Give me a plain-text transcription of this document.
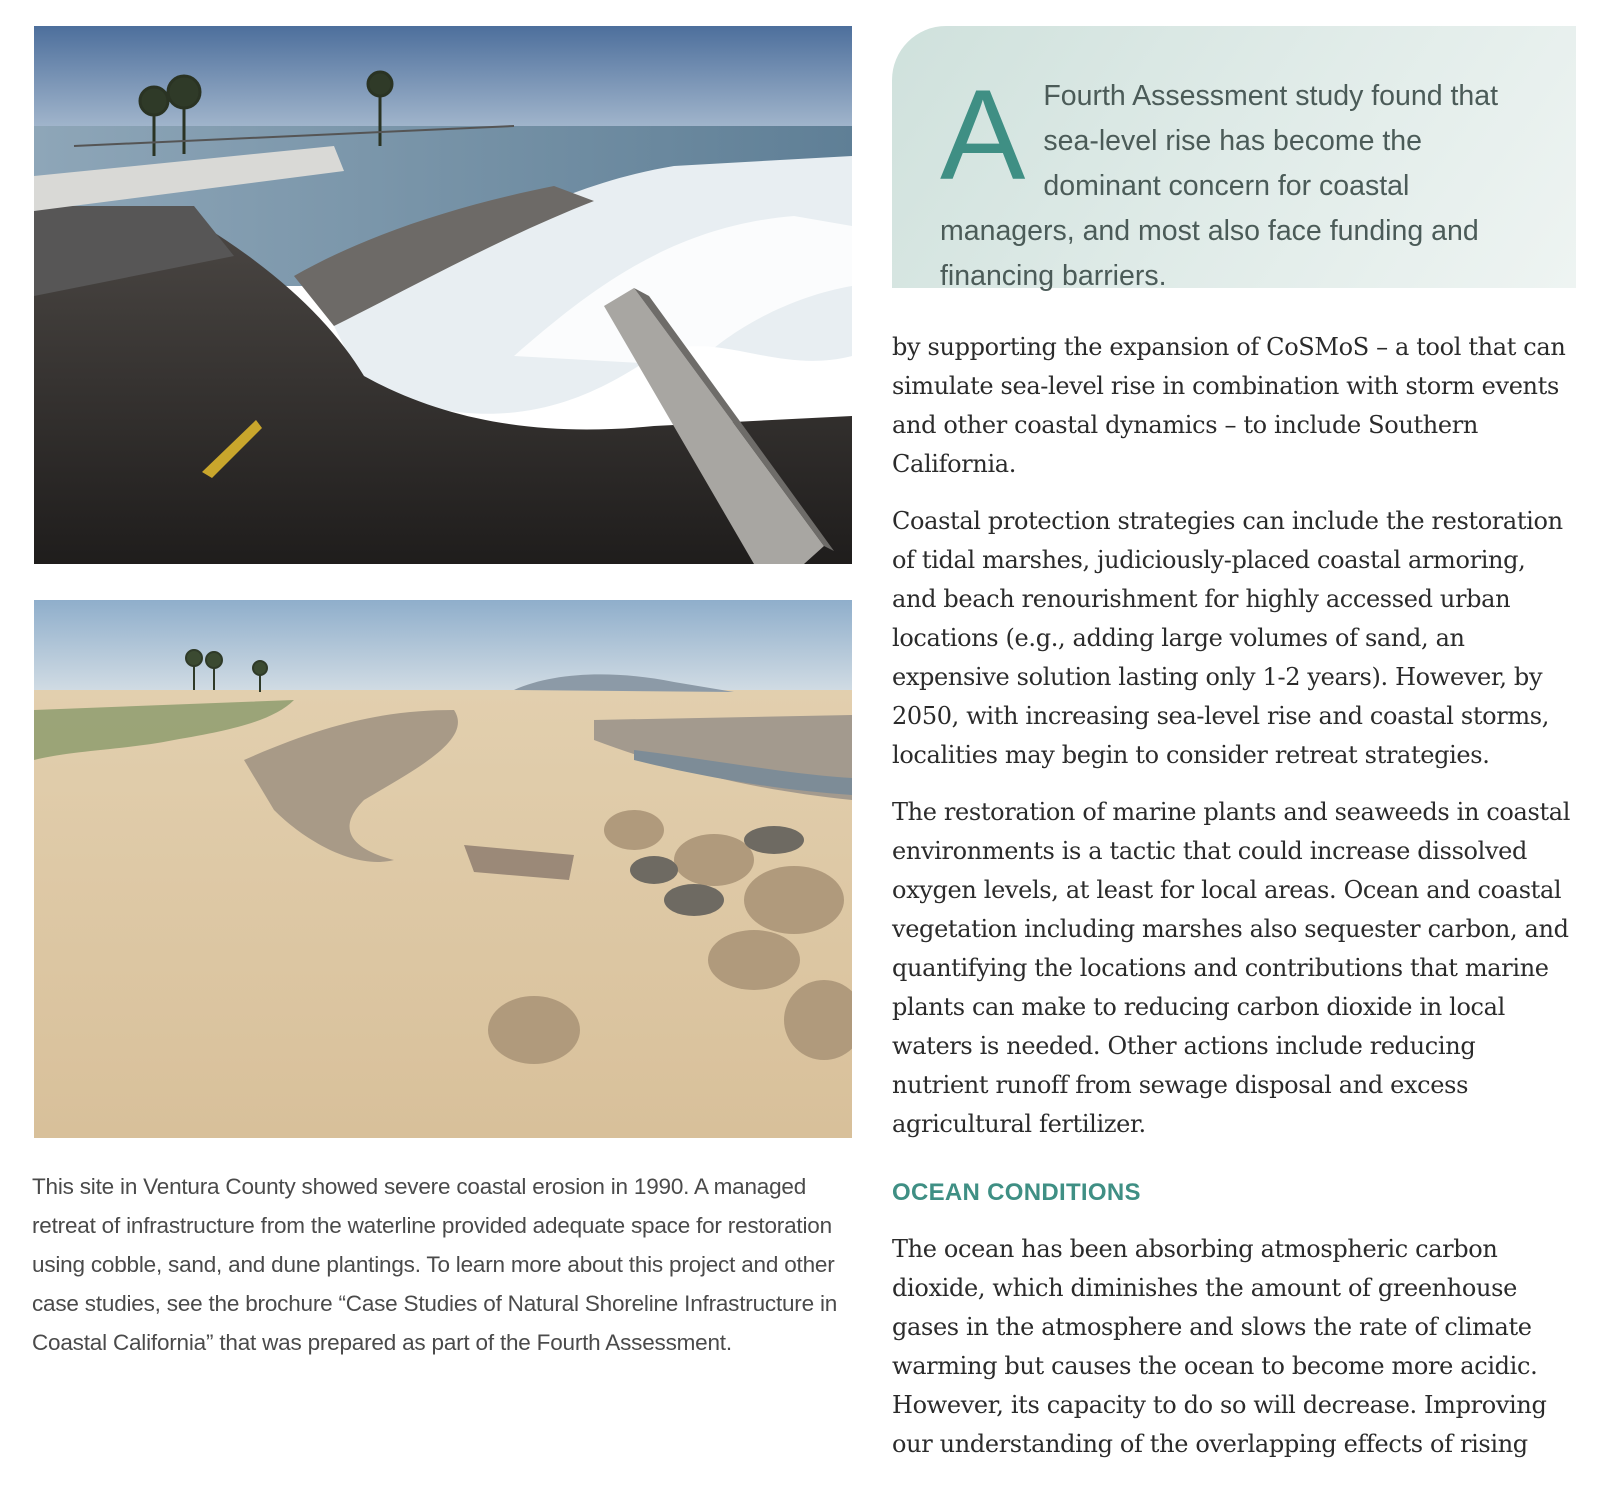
This site in Ventura County showed severe coastal erosion in 1990. A managed retreat of infrastructure from the waterline provided adequate space for restoration using cobble, sand, and dune plantings. To learn more about this project and other case studies, see the brochure “Case Studies of Natural Shoreline Infrastructure in Coastal California” that was prepared as part of the Fourth Assessment.
A Fourth Assessment study found that sea-level rise has become the dominant concern for coastal managers, and most also face funding and financing barriers.

by supporting the expansion of CoSMoS – a tool that can simulate sea-level rise in combination with storm events and other coastal dynamics – to include Southern California.

Coastal protection strategies can include the restoration of tidal marshes, judiciously-placed coastal armoring, and beach renourishment for highly accessed urban locations (e.g., adding large volumes of sand, an expensive solution lasting only 1-2 years). However, by 2050, with increasing sea-level rise and coastal storms, localities may begin to consider retreat strategies.

The restoration of marine plants and seaweeds in coastal environments is a tactic that could increase dissolved oxygen levels, at least for local areas. Ocean and coastal vegetation including marshes also sequester carbon, and quantifying the locations and contributions that marine plants can make to reducing carbon dioxide in local waters is needed. Other actions include reducing nutrient runoff from sewage disposal and excess agricultural fertilizer.

OCEAN CONDITIONS

The ocean has been absorbing atmospheric carbon dioxide, which diminishes the amount of greenhouse gases in the atmosphere and slows the rate of climate warming but causes the ocean to become more acidic. However, its capacity to do so will decrease. Improving our understanding of the overlapping effects of rising
